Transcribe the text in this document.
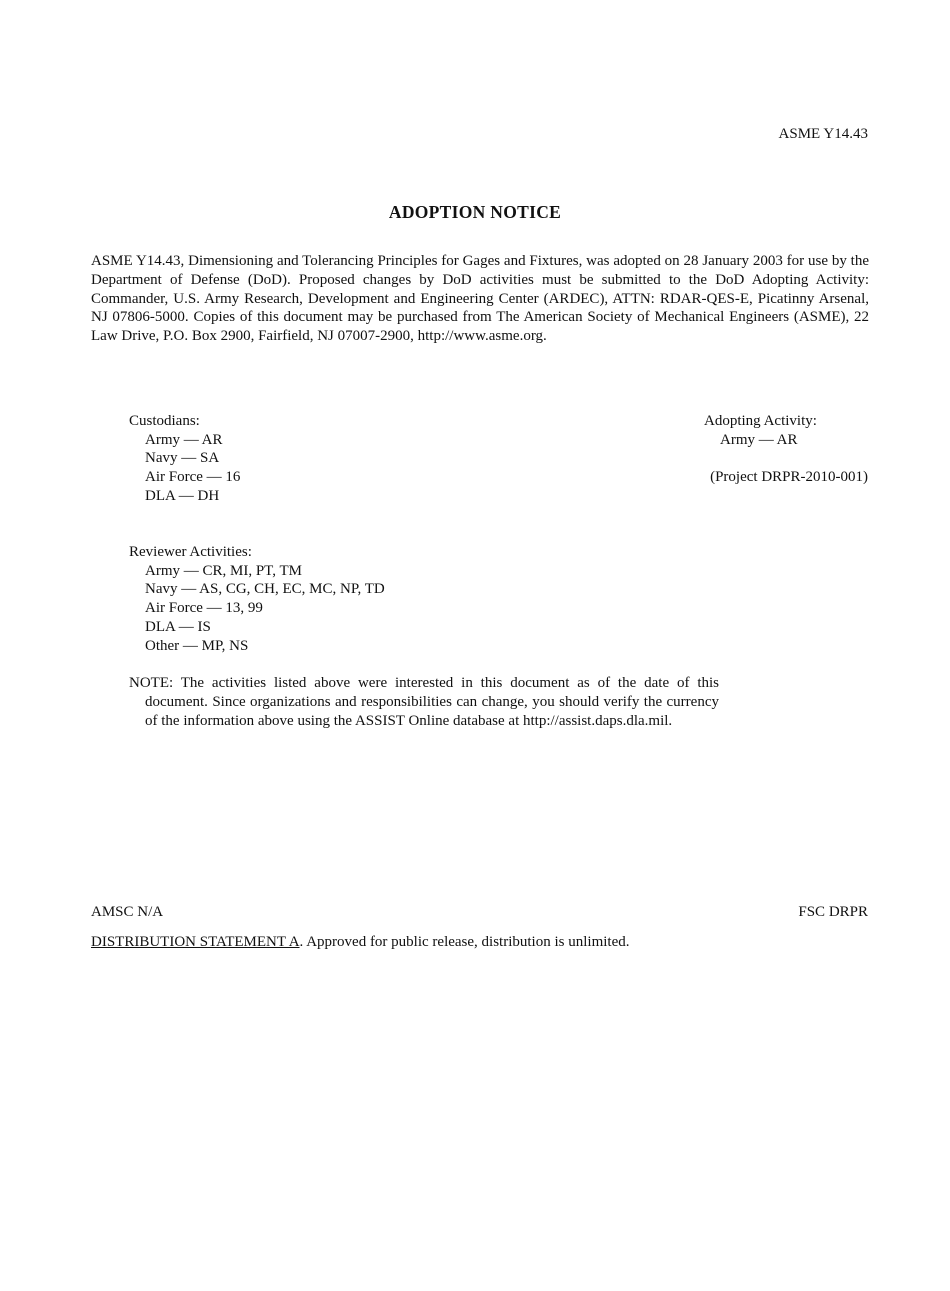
ASME Y14.43
ADOPTION NOTICE

ASME Y14.43, Dimensioning and Tolerancing Principles for Gages and Fixtures, was adopted on 28 January 2003 for use by the Department of Defense (DoD). Proposed changes by DoD activities must be submitted to the DoD Adopting Activity: Commander, U.S. Army Research, Development and Engineering Center (ARDEC), ATTN: RDAR-QES-E, Picatinny Arsenal, NJ 07806-5000. Copies of this document may be purchased from The American Society of Mechanical Engineers (ASME), 22 Law Drive, P.O. Box 2900, Fairfield, NJ 07007-2900, http://www.asme.org.

Custodians:
Army — AR
Navy — SA
Air Force — 16
DLA — DH
Adopting Activity:
Army — AR
(Project DRPR-2010-001)
Reviewer Activities:
Army — CR, MI, PT, TM
Navy — AS, CG, CH, EC, MC, NP, TD
Air Force — 13, 99
DLA — IS
Other — MP, NS

NOTE: The activities listed above were interested in this document as of the date of this document. Since organizations and responsibilities can change, you should verify the currency of the information above using the ASSIST Online database at http://assist.daps.dla.mil.

AMSC N/A	FSC DRPR
DISTRIBUTION STATEMENT A. Approved for public release, distribution is unlimited.
